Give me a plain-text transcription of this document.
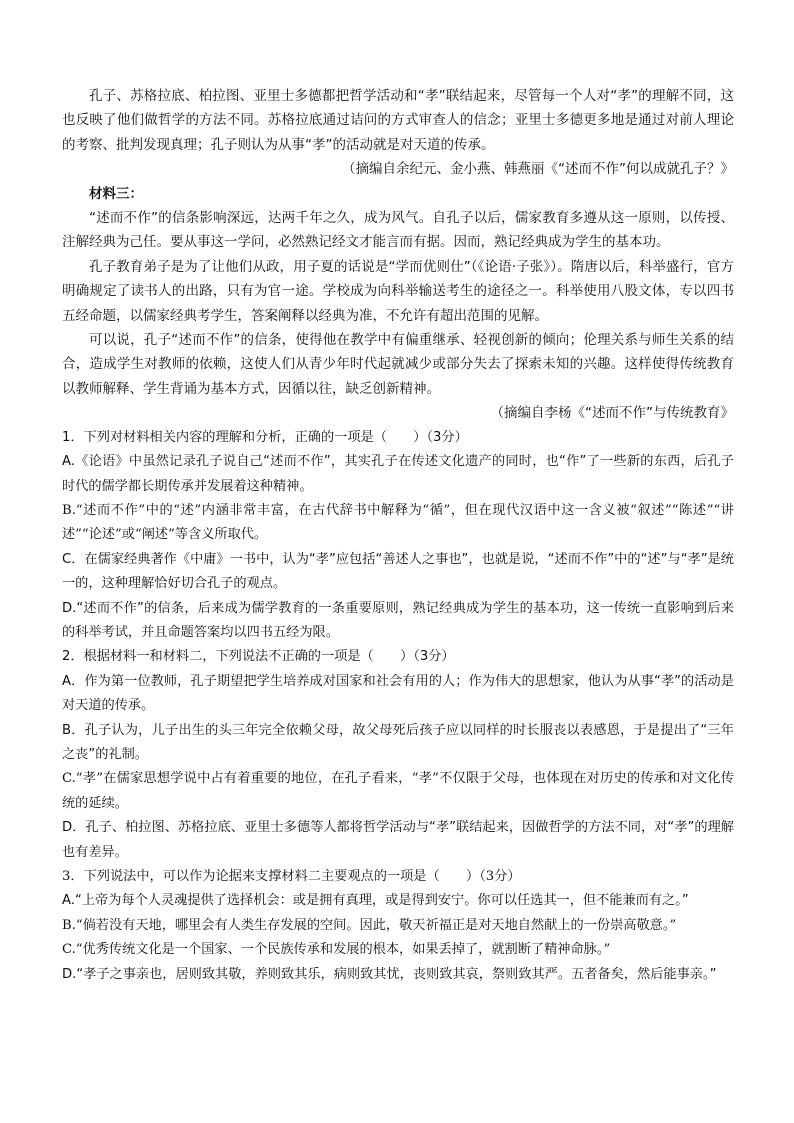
孔子、苏格拉底、柏拉图、亚里士多德都把哲学活动和“孝”联结起来，尽管每一个人对“孝”的理解不同，这也反映了他们做哲学的方法不同。苏格拉底通过诘问的方式审查人的信念；亚里士多德更多地是通过对前人理论的考察、批判发现真理；孔子则认为从事“孝”的活动就是对天道的传承。

（摘编自余纪元、金小燕、韩燕丽《“述而不作”何以成就孔子？》

材料三：

“述而不作”的信条影响深远，达两千年之久，成为风气。自孔子以后，儒家教育多遵从这一原则，以传授、注解经典为己任。要从事这一学问，必然熟记经文才能言而有据。因而，熟记经典成为学生的基本功。

孔子教育弟子是为了让他们从政，用子夏的话说是“学而优则仕”（《论语·子张》）。隋唐以后，科举盛行，官方明确规定了读书人的出路，只有为官一途。学校成为向科举输送考生的途径之一。科举使用八股文体，专以四书五经命题，以儒家经典考学生，答案阐释以经典为准，不允许有超出范围的见解。

可以说，孔子“述而不作”的信条，使得他在教学中有偏重继承、轻视创新的倾向；伦理关系与师生关系的结合，造成学生对教师的依赖，这使人们从青少年时代起就减少或部分失去了探索未知的兴趣。这样使得传统教育以教师解释、学生背诵为基本方式，因循以往，缺乏创新精神。

（摘编自李杨《“述而不作”与传统教育》

1．下列对材料相关内容的理解和分析，正确的一项是（　　）（3分）

A.《论语》中虽然记录孔子说自己“述而不作”，其实孔子在传述文化遗产的同时，也“作”了一些新的东西，后孔子时代的儒学都长期传承并发展着这种精神。

B.“述而不作”中的“述”内涵非常丰富，在古代辞书中解释为“循”，但在现代汉语中这一含义被“叙述”“陈述”“讲述”“论述”或“阐述”等含义所取代。

C．在儒家经典著作《中庸》一书中，认为“孝”应包括“善述人之事也”，也就是说，“述而不作”中的“述”与“孝”是统一的，这种理解恰好切合孔子的观点。

D.“述而不作”的信条，后来成为儒学教育的一条重要原则，熟记经典成为学生的基本功，这一传统一直影响到后来的科举考试，并且命题答案均以四书五经为限。

2．根据材料一和材料二，下列说法不正确的一项是（　　）（3分）

A．作为第一位教师，孔子期望把学生培养成对国家和社会有用的人；作为伟大的思想家，他认为从事“孝”的活动是对天道的传承。

B．孔子认为，儿子出生的头三年完全依赖父母，故父母死后孩子应以同样的时长服丧以表感恩，于是提出了“三年之丧”的礼制。

C.“孝”在儒家思想学说中占有着重要的地位，在孔子看来，“孝”不仅限于父母，也体现在对历史的传承和对文化传统的延续。

D．孔子、柏拉图、苏格拉底、亚里士多德等人都将哲学活动与“孝”联结起来，因做哲学的方法不同，对“孝”的理解也有差异。

3．下列说法中，可以作为论据来支撑材料二主要观点的一项是（　　）（3分）

A.“上帝为每个人灵魂提供了选择机会：或是拥有真理，或是得到安宁。你可以任选其一，但不能兼而有之。”

B.“倘若没有天地，哪里会有人类生存发展的空间。因此，敬天祈福正是对天地自然献上的一份崇高敬意。”

C.“优秀传统文化是一个国家、一个民族传承和发展的根本，如果丢掉了，就割断了精神命脉。”

D.“孝子之事亲也，居则致其敬，养则致其乐，病则致其忧，丧则致其哀，祭则致其严。五者备矣，然后能事亲。”
